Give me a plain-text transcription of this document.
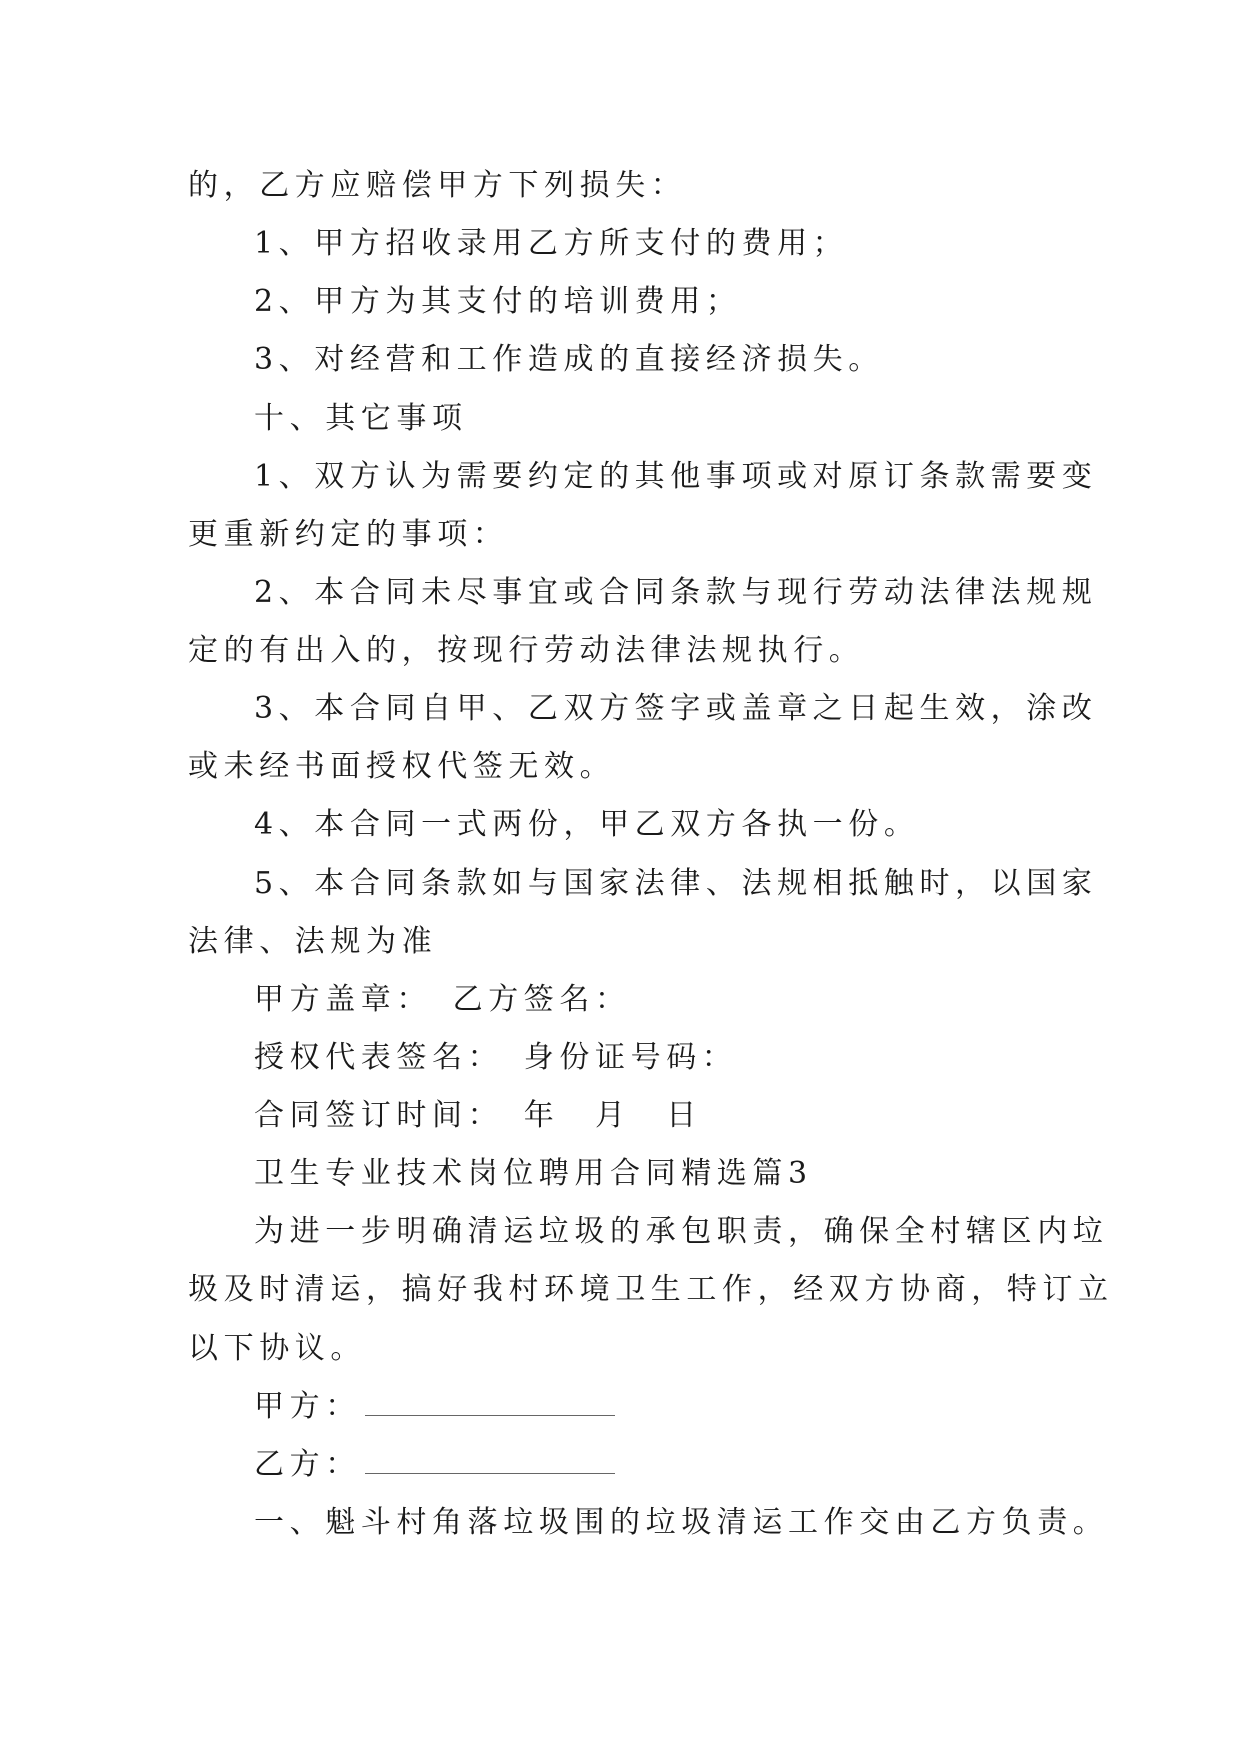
的，乙方应赔偿甲方下列损失：
1、甲方招收录用乙方所支付的费用；
2、甲方为其支付的培训费用；
3、对经营和工作造成的直接经济损失。
十、其它事项
1、双方认为需要约定的其他事项或对原订条款需要变
更重新约定的事项：
2、本合同未尽事宜或合同条款与现行劳动法律法规规
定的有出入的，按现行劳动法律法规执行。
3、本合同自甲、乙双方签字或盖章之日起生效，涂改
或未经书面授权代签无效。
4、本合同一式两份，甲乙双方各执一份。
5、本合同条款如与国家法律、法规相抵触时，以国家
法律、法规为准
甲方盖章：　乙方签名：
授权代表签名：　身份证号码：
合同签订时间：　年　月　日
卫生专业技术岗位聘用合同精选篇3
为进一步明确清运垃圾的承包职责，确保全村辖区内垃
圾及时清运，搞好我村环境卫生工作，经双方协商，特订立
以下协议。
甲方：
乙方：
一、魁斗村角落垃圾围的垃圾清运工作交由乙方负责。
